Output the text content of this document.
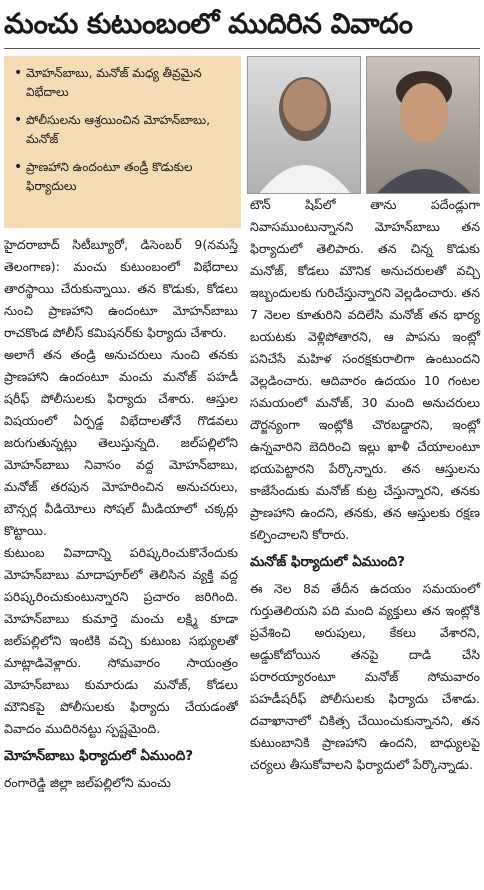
మంచు కుటుంబంలో ముదిరిన వివాదం
• మోహన్‌బాబు, మనోజ్ మధ్య తీవ్రమైన విభేదాలు
• పోలీసులను ఆశ్రయించిన మోహన్‌బాబు, మనోజ్
• ప్రాణహాని ఉందంటూ తండ్రీ కొడుకుల ఫిర్యాదులు

హైదరాబాద్ సిటీబ్యూరో, డిసెంబర్ 9(నమస్తే తెలంగాణ): మంచు కుటుంబంలో విభేదాలు తారస్థాయి చేరుకున్నాయి. తన కొడుకు, కోడలు నుంచి ప్రాణహాని ఉందంటూ మోహన్‌బాబు రాచకొండ పోలీస్ కమిషనర్‌కు ఫిర్యాదు చేశారు.

అలాగే తన తండ్రి అనుచరులు నుంచి తనకు ప్రాణహాని ఉందంటూ మంచు మనోజ్ పహడీ షరీఫ్ పోలీసులకు ఫిర్యాదు చేశారు. ఆస్తుల విషయంలో ఏర్పడ్డ విభేదాలతోనే గొడవలు జరుగుతున్నట్లు తెలుస్తున్నది. జల్‌పల్లిలోని మోహన్‌బాబు నివాసం వద్ద మోహన్‌బాబు, మనోజ్ తరపున మోహరించిన అనుచరులు, బౌన్సర్ల వీడియోలు సోషల్ మీడియాలో చక్కర్లు కొట్టాయి.

కుటుంబ వివాదాన్ని పరిష్కరించుకొనేందుకు మోహన్‌బాబు మాదాపూర్‌లో తెలిసిన వ్యక్తి వద్ద పరిష్కరించుకుంటున్నారని ప్రచారం జరిగింది. మోహన్‌బాబు కుమార్తె మంచు లక్ష్మి కూడా జల్‌పల్లిలోని ఇంటికి వచ్చి కుటుంబ సభ్యులతో మాట్లాడివెళ్లారు. సోమవారం సాయంత్రం మోహన్‌బాబు కుమారుడు మనోజ్, కోడలు మౌనికపై పోలీసులకు ఫిర్యాదు చేయడంతో వివాదం ముదిరినట్టు స్పష్టమైంది.

మోహన్‌బాబు ఫిర్యాదులో ఏముంది?

రంగారెడ్డి జిల్లా జల్‌పల్లిలోని మంచు

టౌన్ షిప్‌లో తాను పదేండ్లుగా నివాసముంటున్నానని మోహన్‌బాబు తన ఫిర్యాదులో తెలిపారు. తన చిన్న కొడుకు మనోజ్, కోడలు మౌనిక అనుచరులతో వచ్చి ఇబ్బందులకు గురిచేస్తున్నారని వెల్లడించారు. తన 7 నెలల కూతురిని వదిలేసి మనోజ్ తన భార్య బయటకు వెళ్లిపోతారని, ఆ పాపను ఇంట్లో పనిచేసే మహిళ సంరక్షకురాలిగా ఉంటుందని వెల్లడించారు. ఆదివారం ఉదయం 10 గంటల సమయంలో మనోజ్, 30 మంది అనుచరులు దౌర్జన్యంగా ఇంట్లోకి చొరబడ్డారని, ఇంట్లో ఉన్నవారిని బెదిరించి ఇల్లు ఖాళీ చేయాలంటూ భయపెట్టారని పేర్కొన్నారు. తన ఆస్తులను కాజేసేందుకు మనోజ్ కుట్ర చేస్తున్నారని, తనకు ప్రాణహాని ఉందని, తనకు, తన ఆస్తులకు రక్షణ కల్పించాలని కోరారు.

మనోజ్ ఫిర్యాదులో ఏముంది?

ఈ నెల 8వ తేదీన ఉదయం సమయంలో గుర్తుతెలియని పది మంది వ్యక్తులు తన ఇంట్లోకి ప్రవేశించి అరుపులు, కేకలు వేశారని, అడ్డుకోబోయిన తనపై దాడి చేసి పరారయ్యారంటూ మనోజ్ సోమవారం పహడీషరీఫ్ పోలీసులకు ఫిర్యాదు చేశాడు. దవాఖానాలో చికిత్స చేయించుకున్నానని, తన కుటుంబానికి ప్రాణహాని ఉందని, బాధ్యులపై చర్యలు తీసుకోవాలని ఫిర్యాదులో పేర్కొన్నాడు.
